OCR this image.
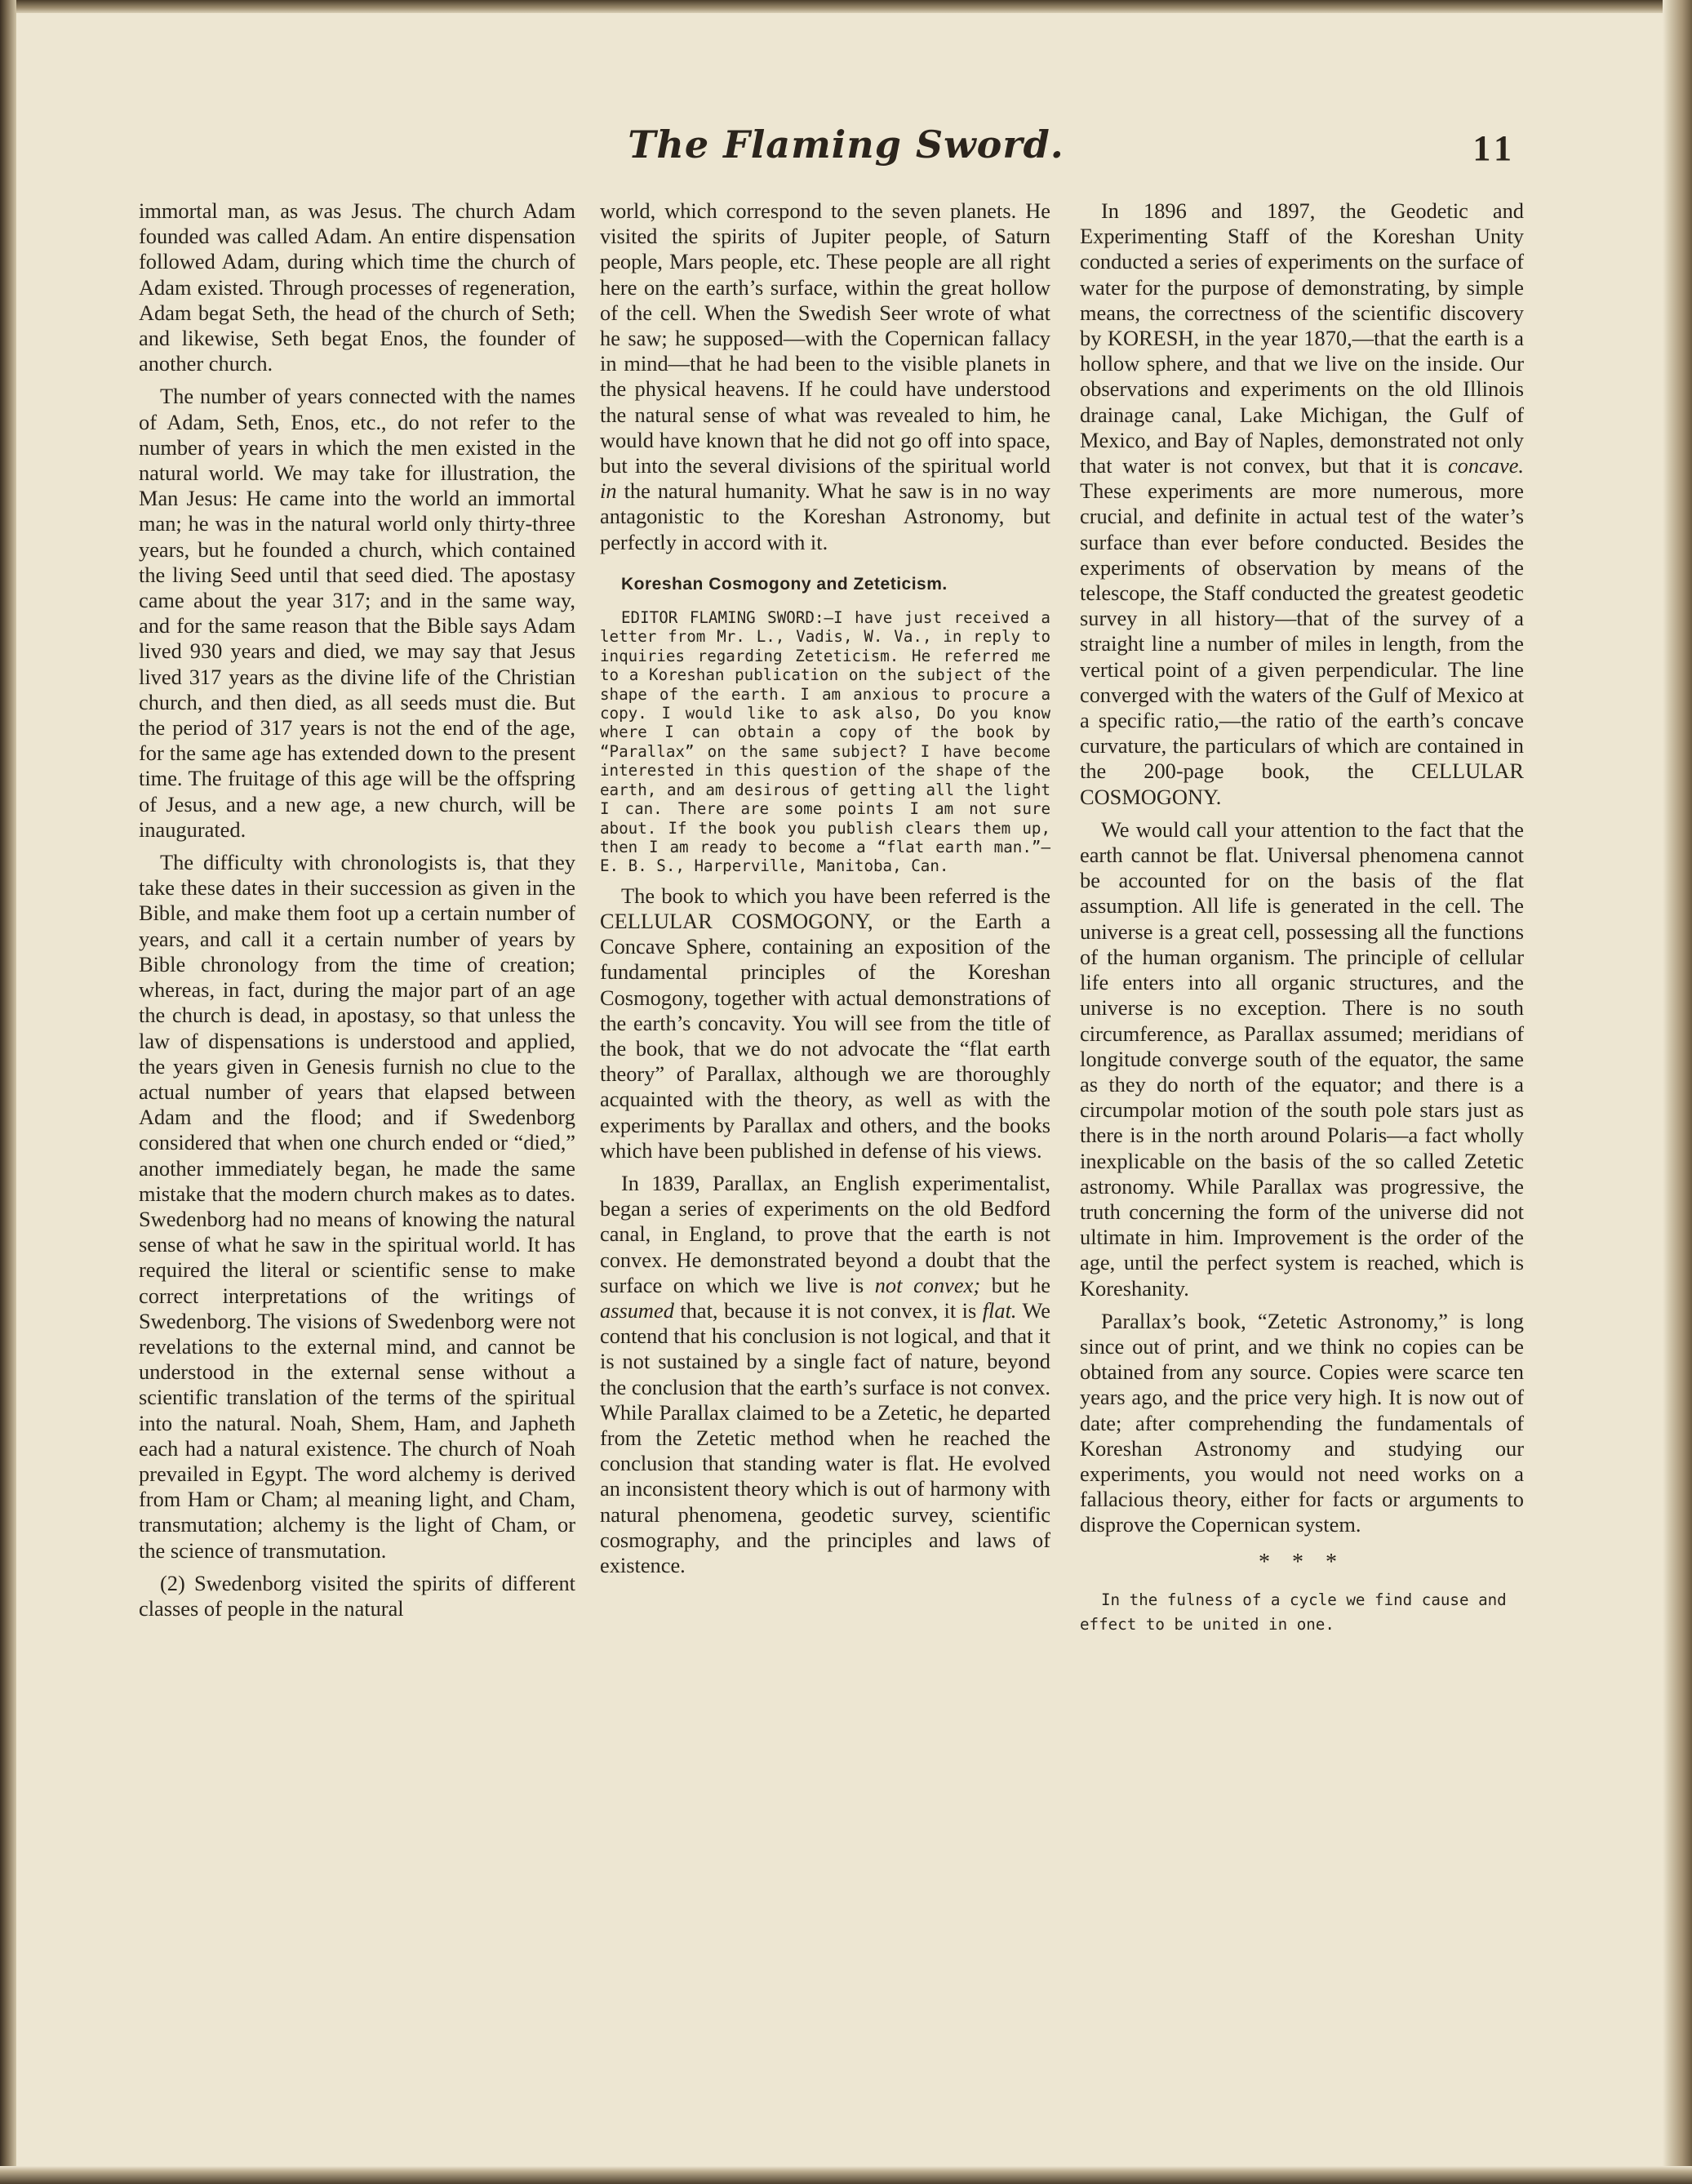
The Flaming Sword.	11

immortal man, as was Jesus. The church Adam founded was called Adam. An entire dispensation followed Adam, during which time the church of Adam existed. Through processes of regeneration, Adam begat Seth, the head of the church of Seth; and likewise, Seth begat Enos, the founder of another church.

The number of years connected with the names of Adam, Seth, Enos, etc., do not refer to the number of years in which the men existed in the natural world. We may take for illustration, the Man Jesus: He came into the world an immortal man; he was in the natural world only thirty-three years, but he founded a church, which contained the living Seed until that seed died. The apostasy came about the year 317; and in the same way, and for the same reason that the Bible says Adam lived 930 years and died, we may say that Jesus lived 317 years as the divine life of the Christian church, and then died, as all seeds must die. But the period of 317 years is not the end of the age, for the same age has extended down to the present time. The fruitage of this age will be the offspring of Jesus, and a new age, a new church, will be inaugurated.

The difficulty with chronologists is, that they take these dates in their succession as given in the Bible, and make them foot up a certain number of years, and call it a certain number of years by Bible chronology from the time of creation; whereas, in fact, during the major part of an age the church is dead, in apostasy, so that unless the law of dispensations is understood and applied, the years given in Genesis furnish no clue to the actual number of years that elapsed between Adam and the flood; and if Swedenborg considered that when one church ended or “died,” another immediately began, he made the same mistake that the modern church makes as to dates. Swedenborg had no means of knowing the natural sense of what he saw in the spiritual world. It has required the literal or scientific sense to make correct interpretations of the writings of Swedenborg. The visions of Swedenborg were not revelations to the external mind, and cannot be understood in the external sense without a scientific translation of the terms of the spiritual into the natural. Noah, Shem, Ham, and Japheth each had a natural existence. The church of Noah prevailed in Egypt. The word alchemy is derived from Ham or Cham; al meaning light, and Cham, transmutation; alchemy is the light of Cham, or the science of transmutation.

(2) Swedenborg visited the spirits of different classes of people in the natural

world, which correspond to the seven planets. He visited the spirits of Jupiter people, of Saturn people, Mars people, etc. These people are all right here on the earth’s surface, within the great hollow of the cell. When the Swedish Seer wrote of what he saw; he supposed—with the Copernican fallacy in mind—that he had been to the visible planets in the physical heavens. If he could have understood the natural sense of what was revealed to him, he would have known that he did not go off into space, but into the several divisions of the spiritual world in the natural humanity. What he saw is in no way antagonistic to the Koreshan Astronomy, but perfectly in accord with it.

Koreshan Cosmogony and Zeteticism.

EDITOR FLAMING SWORD:—I have just received a letter from Mr. L., Vadis, W. Va., in reply to inquiries regarding Zeteticism. He referred me to a Koreshan publication on the subject of the shape of the earth. I am anxious to procure a copy. I would like to ask also, Do you know where I can obtain a copy of the book by “Parallax” on the same subject? I have become interested in this question of the shape of the earth, and am desirous of getting all the light I can. There are some points I am not sure about. If the book you publish clears them up, then I am ready to become a “flat earth man.”—E. B. S., Harperville, Manitoba, Can.

The book to which you have been referred is the CELLULAR COSMOGONY, or the Earth a Concave Sphere, containing an exposition of the fundamental principles of the Koreshan Cosmogony, together with actual demonstrations of the earth’s concavity. You will see from the title of the book, that we do not advocate the “flat earth theory” of Parallax, although we are thoroughly acquainted with the theory, as well as with the experiments by Parallax and others, and the books which have been published in defense of his views.

In 1839, Parallax, an English experimentalist, began a series of experiments on the old Bedford canal, in England, to prove that the earth is not convex. He demonstrated beyond a doubt that the surface on which we live is not convex; but he assumed that, because it is not convex, it is flat. We contend that his conclusion is not logical, and that it is not sustained by a single fact of nature, beyond the conclusion that the earth’s surface is not convex. While Parallax claimed to be a Zetetic, he departed from the Zetetic method when he reached the conclusion that standing water is flat. He evolved an inconsistent theory which is out of harmony with natural phenomena, geodetic survey, scientific cosmography, and the principles and laws of existence.

In 1896 and 1897, the Geodetic and Experimenting Staff of the Koreshan Unity conducted a series of experiments on the surface of water for the purpose of demonstrating, by simple means, the correctness of the scientific discovery by KORESH, in the year 1870,—that the earth is a hollow sphere, and that we live on the inside. Our observations and experiments on the old Illinois drainage canal, Lake Michigan, the Gulf of Mexico, and Bay of Naples, demonstrated not only that water is not convex, but that it is concave. These experiments are more numerous, more crucial, and definite in actual test of the water’s surface than ever before conducted. Besides the experiments of observation by means of the telescope, the Staff conducted the greatest geodetic survey in all history—that of the survey of a straight line a number of miles in length, from the vertical point of a given perpendicular. The line converged with the waters of the Gulf of Mexico at a specific ratio,—the ratio of the earth’s concave curvature, the particulars of which are contained in the 200-page book, the CELLULAR COSMOGONY.

We would call your attention to the fact that the earth cannot be flat. Universal phenomena cannot be accounted for on the basis of the flat assumption. All life is generated in the cell. The universe is a great cell, possessing all the functions of the human organism. The principle of cellular life enters into all organic structures, and the universe is no exception. There is no south circumference, as Parallax assumed; meridians of longitude converge south of the equator, the same as they do north of the equator; and there is a circumpolar motion of the south pole stars just as there is in the north around Polaris—a fact wholly inexplicable on the basis of the so called Zetetic astronomy. While Parallax was progressive, the truth concerning the form of the universe did not ultimate in him. Improvement is the order of the age, until the perfect system is reached, which is Koreshanity.

Parallax’s book, “Zetetic Astronomy,” is long since out of print, and we think no copies can be obtained from any source. Copies were scarce ten years ago, and the price very high. It is now out of date; after comprehending the fundamentals of Koreshan Astronomy and studying our experiments, you would not need works on a fallacious theory, either for facts or arguments to disprove the Copernican system.

* * *

In the fulness of a cycle we find cause and effect to be united in one.
